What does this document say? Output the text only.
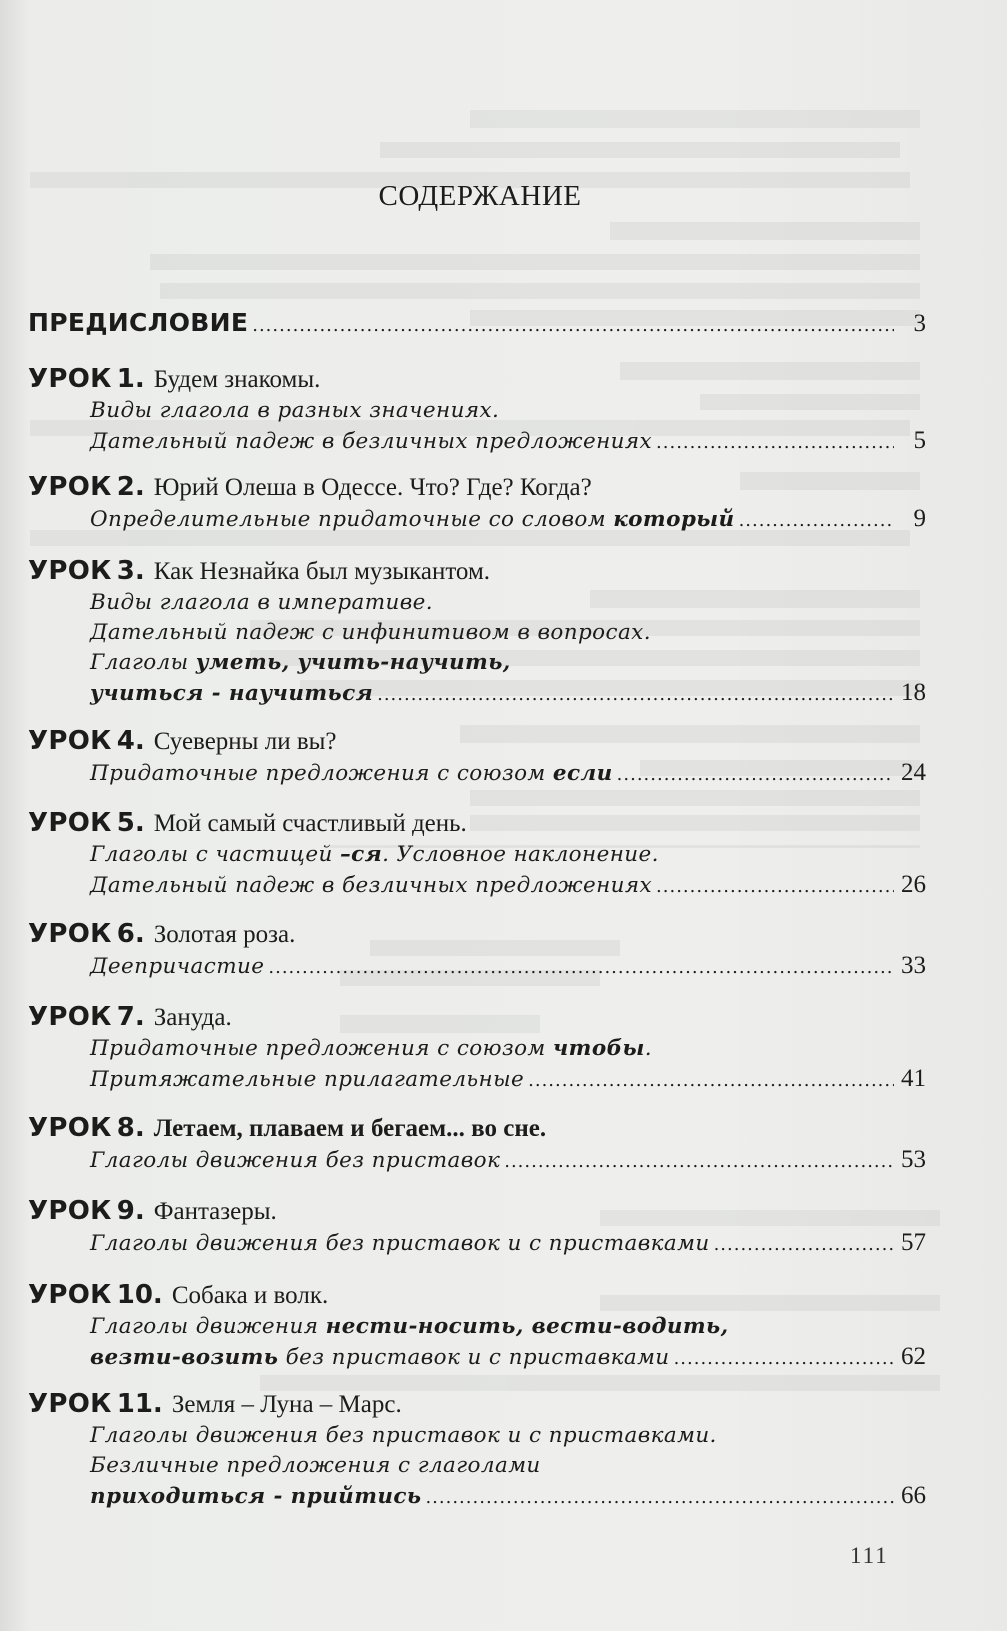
СОДЕРЖАНИЕ
ПРЕДИСЛОВИЕ .....	3
УРОК
1. Будем знакомы.
Виды глагола в разных значениях.
Дательный падеж в безличных предложениях .....	5
УРОК
2. Юрий Олеша в Одессе. Что? Где? Когда?
Определительные придаточные со словом который .....	9
УРОК
3. Как Незнайка был музыкантом.
Виды глагола в императиве.
Дательный падеж с инфинитивом в вопросах.
Глаголы уметь, учить-научить,
учиться - научиться .....	18
УРОК
4. Суеверны ли вы?
Придаточные предложения с союзом если .....	24
УРОК
5. Мой самый счастливый день.
Глаголы с частицей –ся. Условное наклонение.
Дательный падеж в безличных предложениях .....	26
УРОК
6. Золотая роза.
Деепричастие .....	33
УРОК
7. Зануда.
Придаточные предложения с союзом чтобы.
Притяжательные прилагательные .....	41
УРОК
8. Летаем, плаваем и бегаем... во сне.
Глаголы движения без приставок .....	53
УРОК
9. Фантазеры.
Глаголы движения без приставок и с приставками .....	57
УРОК
10. Собака и волк.
Глаголы движения нести-носить, вести-водить,
везти-возить без приставок и с приставками .....	62
УРОК
11. Земля – Луна – Марс.
Глаголы движения без приставок и с приставками.
Безличные предложения с глаголами
приходиться - прийтись .....	66
111
